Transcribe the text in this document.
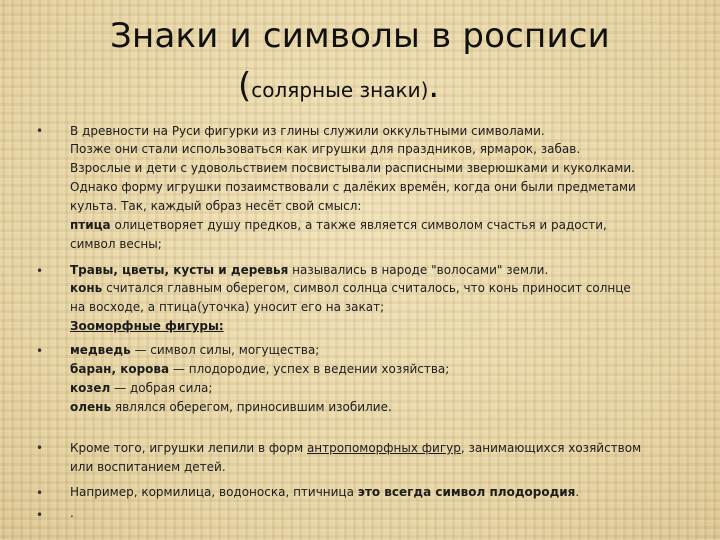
Знаки и символы в росписи
(солярные знаки).
•
•
•
•
•
•
В древности на Руси фигурки из глины служили оккультными символами.
Позже они стали использоваться как игрушки для праздников, ярмарок, забав.
Взрослые и дети с удовольствием посвистывали расписными зверюшками и куколками.
Однако форму игрушки позаимствовали с далёких времён, когда они были предметами
культа. Так, каждый образ несёт свой смысл:
птица олицетворяет душу предков, а также является символом счастья и радости,
символ весны;
Травы, цветы, кусты и деревья назывались в народе "волосами" земли.
конь считался главным оберегом, символ солнца считалось, что конь приносит солнце
на восходе, а птица(уточка) уносит его на закат;
Зооморфные фигуры:
медведь — символ силы, могущества;
баран, корова — плодородие, успех в ведении хозяйства;
козел — добрая сила;
олень являлся оберегом, приносившим изобилие.
Кроме того, игрушки лепили в форм антропоморфных фигур, занимающихся хозяйством
или воспитанием детей.
Например, кормилица, водоноска, птичница это всегда символ плодородия.
.
